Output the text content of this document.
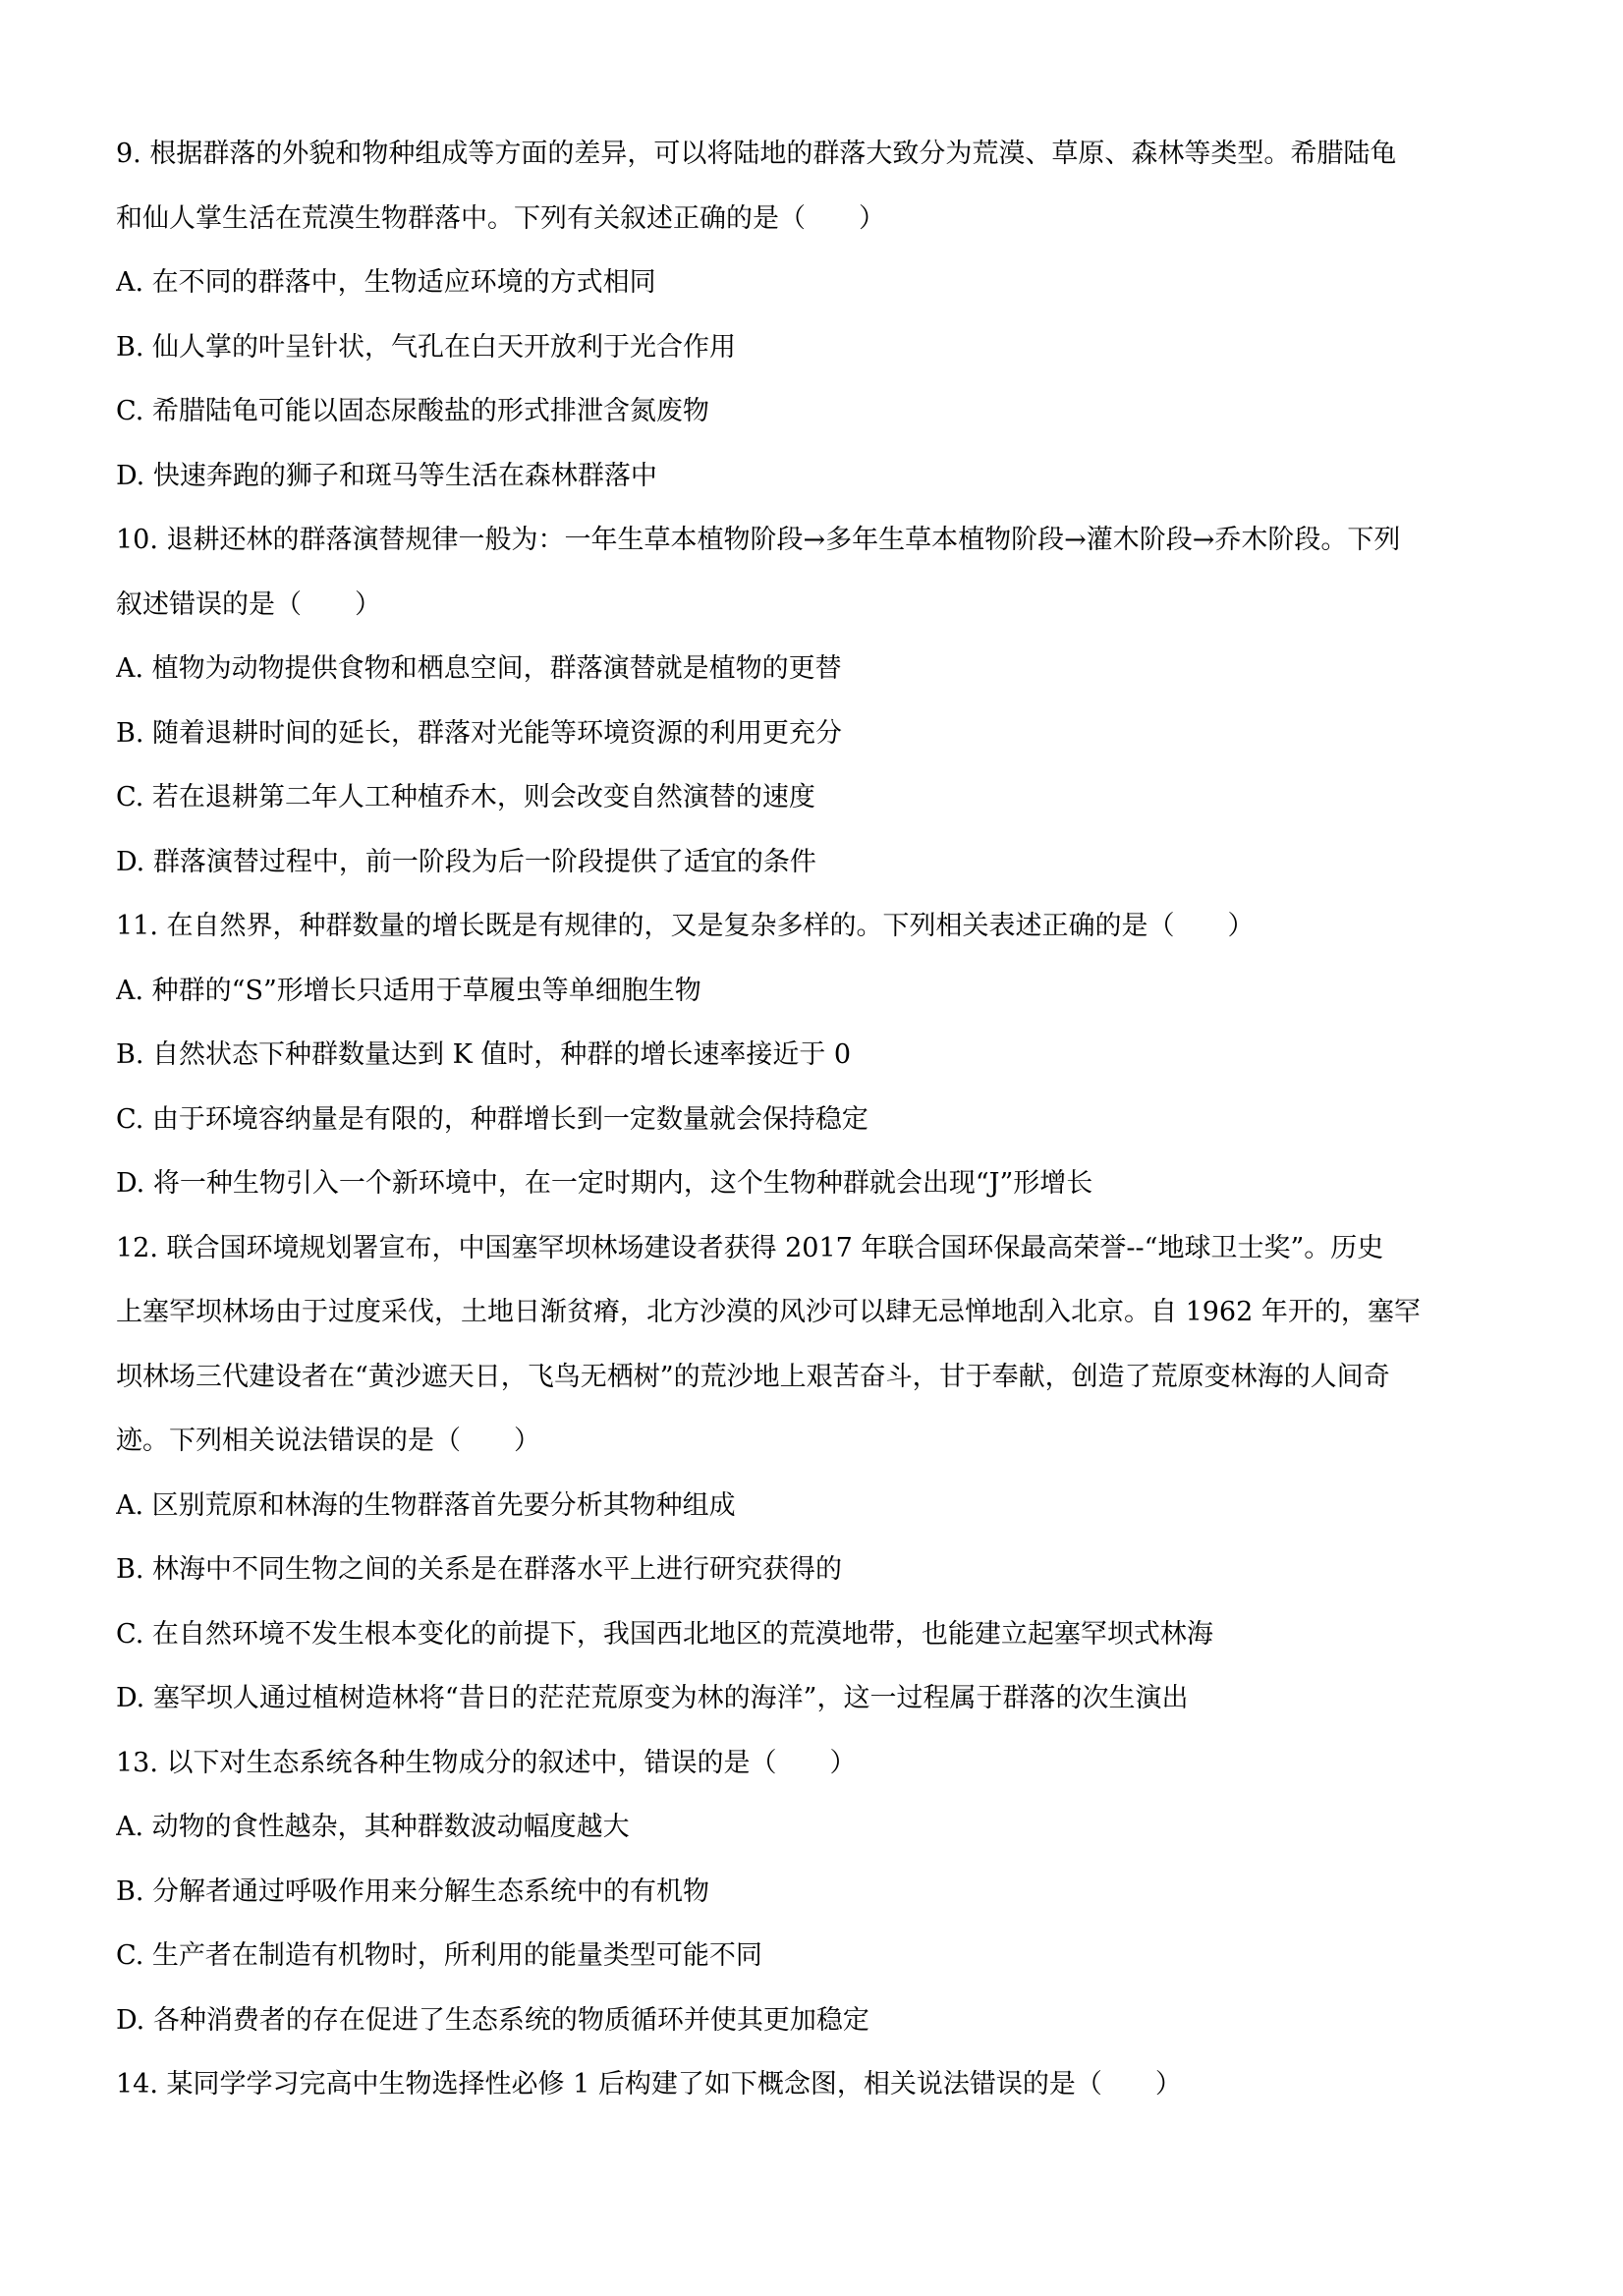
9. 根据群落的外貌和物种组成等方面的差异，可以将陆地的群落大致分为荒漠、草原、森林等类型。希腊陆龟
和仙人掌生活在荒漠生物群落中。下列有关叙述正确的是（　　）
A. 在不同的群落中，生物适应环境的方式相同
B. 仙人掌的叶呈针状，气孔在白天开放利于光合作用
C. 希腊陆龟可能以固态尿酸盐的形式排泄含氮废物
D. 快速奔跑的狮子和斑马等生活在森林群落中
10. 退耕还林的群落演替规律一般为：一年生草本植物阶段→多年生草本植物阶段→灌木阶段→乔木阶段。下列
叙述错误的是（　　）
A. 植物为动物提供食物和栖息空间，群落演替就是植物的更替
B. 随着退耕时间的延长，群落对光能等环境资源的利用更充分
C. 若在退耕第二年人工种植乔木，则会改变自然演替的速度
D. 群落演替过程中，前一阶段为后一阶段提供了适宜的条件
11. 在自然界，种群数量的增长既是有规律的，又是复杂多样的。下列相关表述正确的是（　　）
A. 种群的“S”形增长只适用于草履虫等单细胞生物
B. 自然状态下种群数量达到 K 值时，种群的增长速率接近于 0
C. 由于环境容纳量是有限的，种群增长到一定数量就会保持稳定
D. 将一种生物引入一个新环境中，在一定时期内，这个生物种群就会出现“J”形增长
12. 联合国环境规划署宣布，中国塞罕坝林场建设者获得 2017 年联合国环保最高荣誉--“地球卫士奖”。历史
上塞罕坝林场由于过度采伐，土地日渐贫瘠，北方沙漠的风沙可以肆无忌惮地刮入北京。自 1962 年开的，塞罕
坝林场三代建设者在“黄沙遮天日，飞鸟无栖树”的荒沙地上艰苦奋斗，甘于奉献，创造了荒原变林海的人间奇
迹。下列相关说法错误的是（　　）
A. 区别荒原和林海的生物群落首先要分析其物种组成
B. 林海中不同生物之间的关系是在群落水平上进行研究获得的
C. 在自然环境不发生根本变化的前提下，我国西北地区的荒漠地带，也能建立起塞罕坝式林海
D. 塞罕坝人通过植树造林将“昔日的茫茫荒原变为林的海洋”，这一过程属于群落的次生演出
13. 以下对生态系统各种生物成分的叙述中，错误的是（　　）
A. 动物的食性越杂，其种群数波动幅度越大
B. 分解者通过呼吸作用来分解生态系统中的有机物
C. 生产者在制造有机物时，所利用的能量类型可能不同
D. 各种消费者的存在促进了生态系统的物质循环并使其更加稳定
14. 某同学学习完高中生物选择性必修 1 后构建了如下概念图，相关说法错误的是（　　）
